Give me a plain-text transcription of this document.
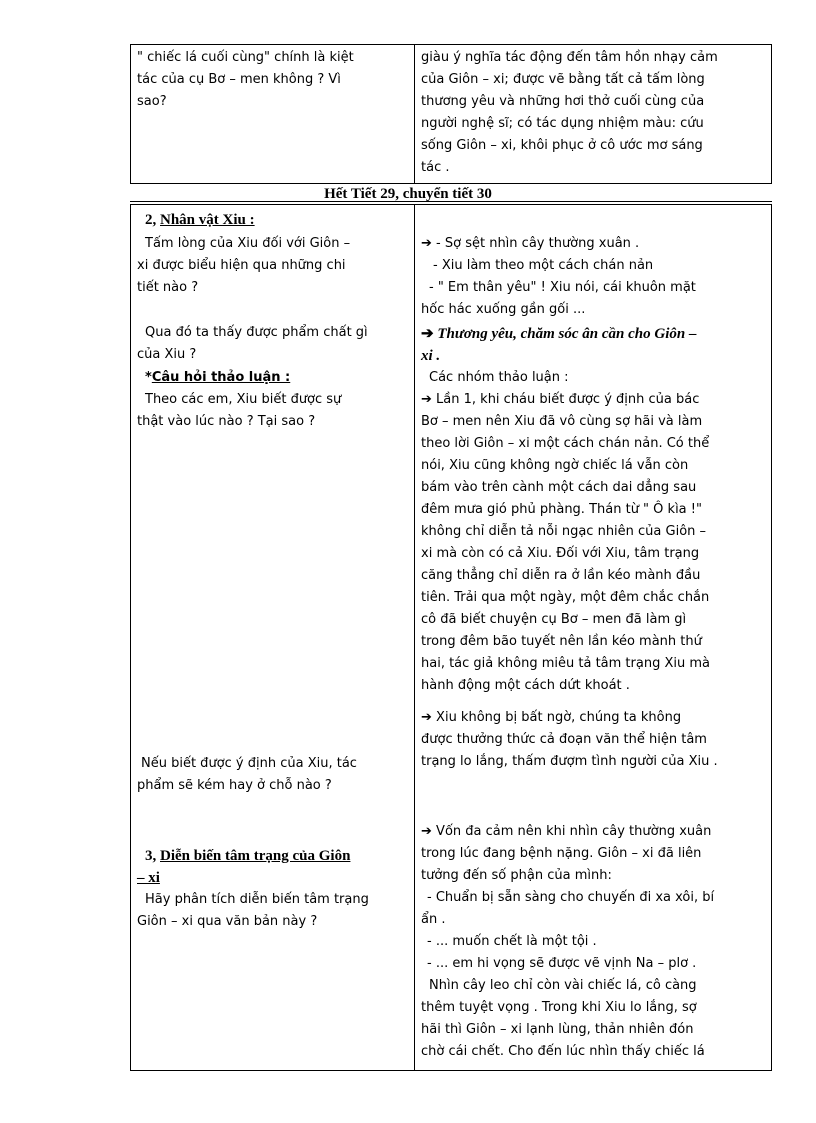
" chiếc lá cuối cùng" chính là kiệt
tác của cụ Bơ – men không ? Vì
sao?
giàu ý nghĩa tác động đến tâm hồn nhạy cảm
của Giôn – xi; được vẽ bằng tất cả tấm lòng
thương yêu và những hơi thở cuối cùng của
người nghệ sĩ; có tác dụng nhiệm màu: cứu
sống Giôn – xi, khôi phục ở cô ước mơ sáng
tác .
Hết Tiết 29, chuyển tiết 30
2, Nhân vật Xiu :
Tấm lòng của Xiu đối với Giôn –
xi được biểu hiện qua những chi
tiết nào ?
Qua đó ta thấy được phẩm chất gì
của Xiu ?
*Câu hỏi thảo luận :
Theo các em, Xiu biết được sự
thật vào lúc nào ? Tại sao ?
Nếu biết được ý định của Xiu, tác
phẩm sẽ kém hay ở chỗ nào ?
3, Diễn biến tâm trạng của Giôn
– xi
Hãy phân tích diễn biến tâm trạng
Giôn – xi qua văn bản này ?
➔ - Sợ sệt nhìn cây thường xuân .
- Xiu làm theo một cách chán nản
- " Em thân yêu" ! Xiu nói, cái khuôn mặt
hốc hác xuống gần gối ...
➔ Thương yêu, chăm sóc ân cần cho Giôn –
xi .
Các nhóm thảo luận :
➔ Lần 1, khi cháu biết được ý định của bác
Bơ – men nên Xiu đã vô cùng sợ hãi và làm
theo lời Giôn – xi một cách chán nản. Có thể
nói, Xiu cũng không ngờ chiếc lá vẫn còn
bám vào trên cành một cách dai dẳng sau
đêm mưa gió phủ phàng. Thán từ " Ô kìa !"
không chỉ diễn tả nỗi ngạc nhiên của Giôn –
xi mà còn có cả Xiu. Đối với Xiu, tâm trạng
căng thẳng chỉ diễn ra ở lần kéo mành đầu
tiên. Trải qua một ngày, một đêm chắc chắn
cô đã biết chuyện cụ Bơ – men đã làm gì
trong đêm bão tuyết nên lần kéo mành thứ
hai, tác giả không miêu tả tâm trạng Xiu mà
hành động một cách dứt khoát .
➔ Xiu không bị bất ngờ, chúng ta không
được thưởng thức cả đoạn văn thể hiện tâm
trạng lo lắng, thấm đượm tình người của Xiu .
➔ Vốn đa cảm nên khi nhìn cây thường xuân
trong lúc đang bệnh nặng. Giôn – xi đã liên
tưởng đến số phận của mình:
- Chuẩn bị sẵn sàng cho chuyến đi xa xôi, bí
ẩn .
- ... muốn chết là một tội .
- ... em hi vọng sẽ được vẽ vịnh Na – plơ .
Nhìn cây leo chỉ còn vài chiếc lá, cô càng
thêm tuyệt vọng . Trong khi Xiu lo lắng, sợ
hãi thì Giôn – xi lạnh lùng, thản nhiên đón
chờ cái chết. Cho đến lúc nhìn thấy chiếc lá
